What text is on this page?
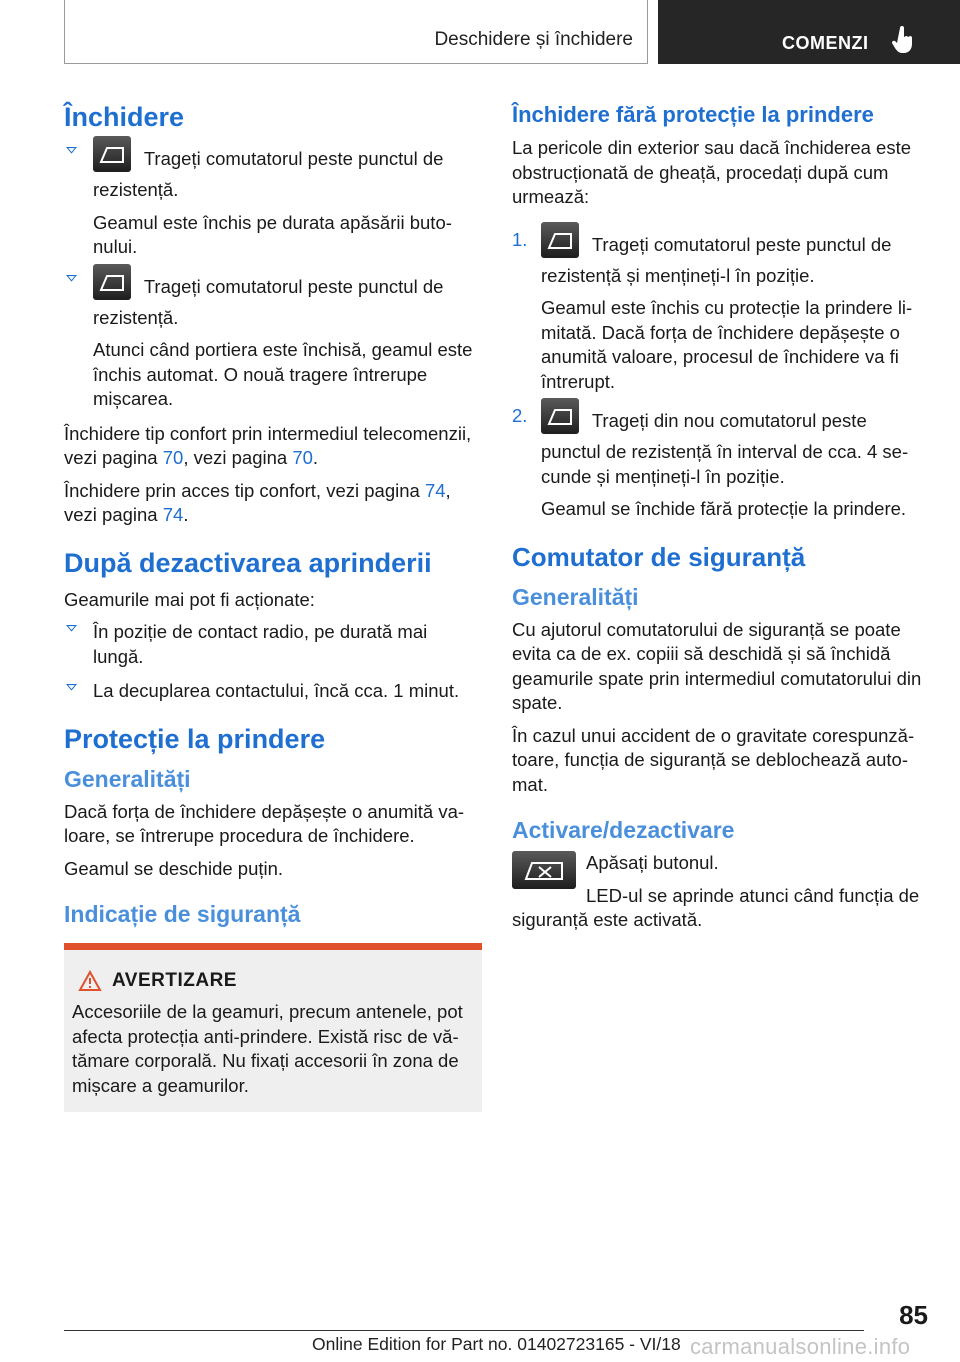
Deschidere și închidere	COMENZI
Închidere

Trageți comutatorul peste punctul de rezistență.

Geamul este închis pe durata apăsării butonului.

Trageți comutatorul peste punctul de rezistență.

Atunci când portiera este închisă, geamul este închis automat. O nouă tragere întrerupe mișcarea.

Închidere tip confort prin intermediul telecomenzii, vezi pagina 70, vezi pagina 70.

Închidere prin acces tip confort, vezi pagina 74, vezi pagina 74.

După dezactivarea aprinderii

Geamurile mai pot fi acționate:

În poziție de contact radio, pe durată mai lungă.

La decuplarea contactului, încă cca. 1 minut.

Protecție la prindere
Generalități

Dacă forța de închidere depășește o anumită valoare, se întrerupe procedura de închidere.

Geamul se deschide puțin.

Indicație de siguranță
AVERTIZARE

Accesoriile de la geamuri, precum antenele, pot afecta protecția anti-prindere. Există risc de vătămare corporală. Nu fixați accesorii în zona de mișcare a geamurilor.

Închidere fără protecție la prindere

La pericole din exterior sau dacă închiderea este obstrucționată de gheață, procedați după cum urmează:

1.	Trageți comutatorul peste punctul de rezistență și mențineți-l în poziție.

Geamul este închis cu protecție la prindere limitată. Dacă forța de închidere depășește o anumită valoare, procesul de închidere va fi întrerupt.

2.	Trageți din nou comutatorul peste punctul de rezistență în interval de cca. 4 secunde și mențineți-l în poziție.

Geamul se închide fără protecție la prindere.

Comutator de siguranță
Generalități

Cu ajutorul comutatorului de siguranță se poate evita ca de ex. copiii să deschidă și să închidă geamurile spate prin intermediul comutatorului din spate.

În cazul unui accident de o gravitate corespunzătoare, funcția de siguranță se deblochează automat.

Activare/dezactivare

Apăsați butonul.

LED-ul se aprinde atunci când funcția de siguranță este activată.

85
Online Edition for Part no. 01402723165 - VI/18 carmanualsonline.info
